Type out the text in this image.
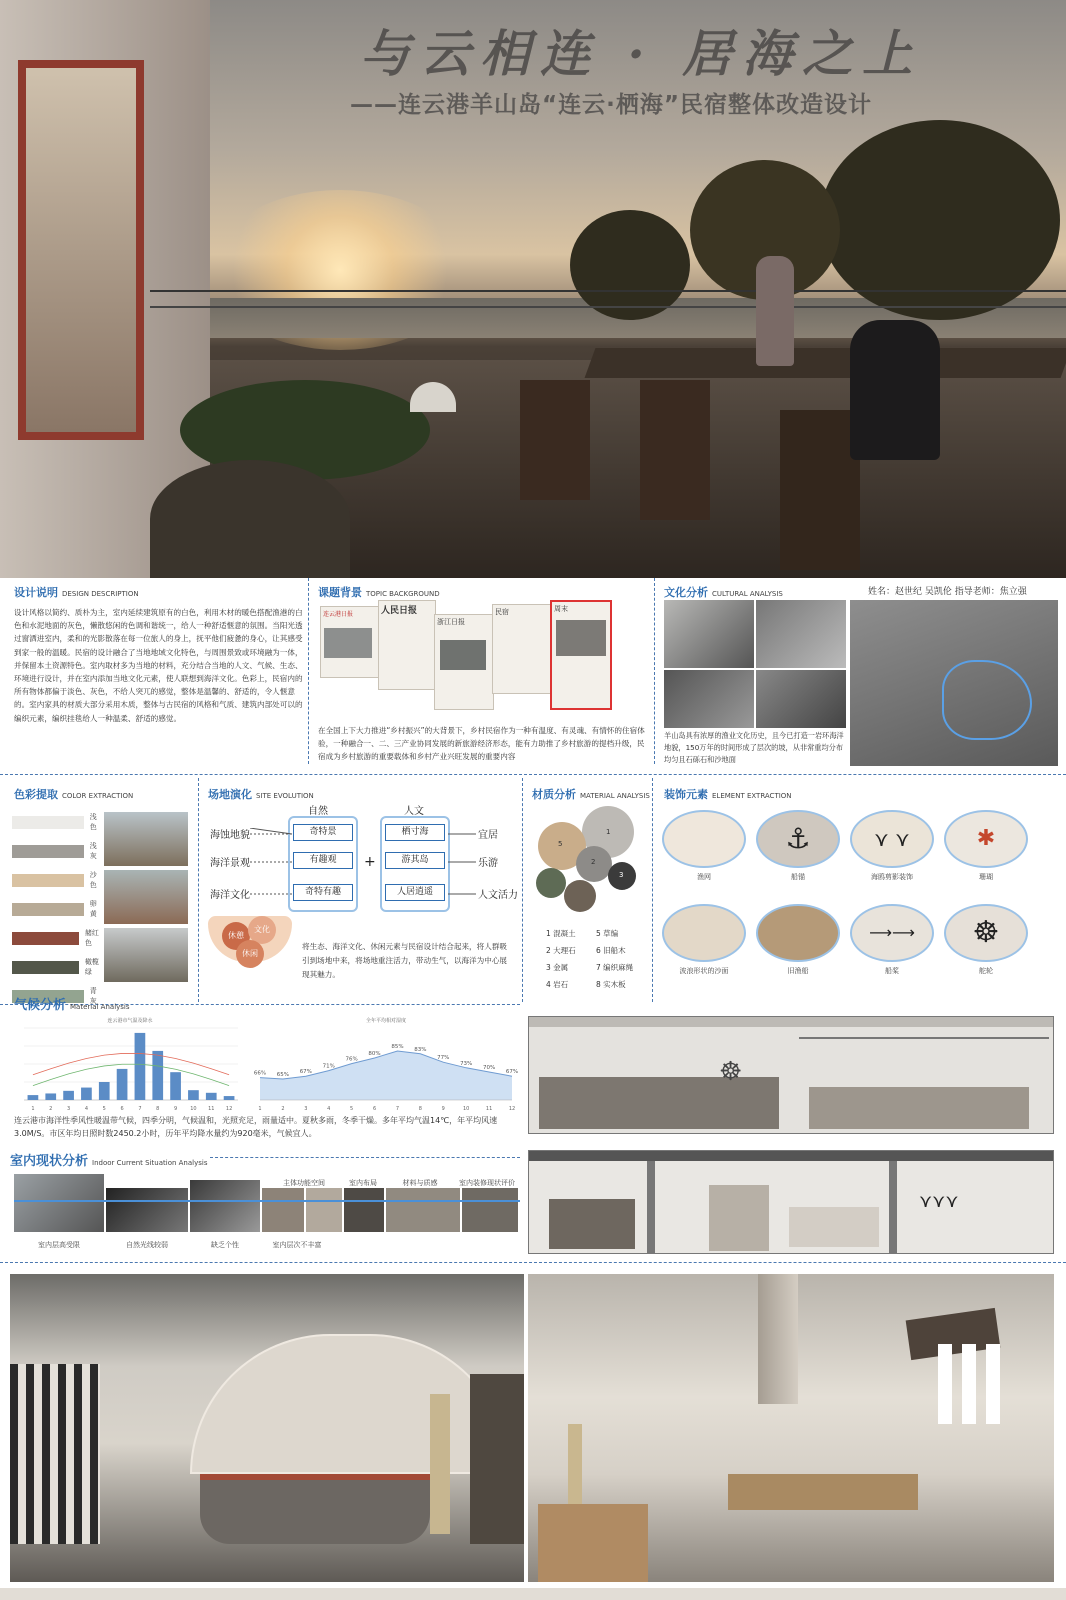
与云相连 · 居海之上
——连云港羊山岛“连云·栖海”民宿整体改造设计
设计说明 DESIGN DESCRIPTION

设计风格以简约、质朴为主，室内延续建筑原有的白色，利用木材的暖色搭配渔港的白色和水泥地面的灰色，懒散悠闲的色调和谐统一，给人一种舒适惬意的氛围。当阳光透过窗洒进室内，柔和的光影散落在每一位旅人的身上，抚平他们疲惫的身心，让其感受到家一般的温暖。民宿的设计融合了当地地域文化特色，与周围景致或环境融为一体，并保留本土资源特色。室内取材多为当地的材料，充分结合当地的人文、气候、生态、环境进行设计，并在室内添加当地文化元素，使人联想到海洋文化。色彩上，民宿内的所有物体都偏于淡色、灰色，不给人突兀的感觉，整体是温馨的、舒适的，令人惬意的。室内家具的材质大部分采用木质，整体与古民宿的风格和气质、建筑内部处可以的编织元素，编织挂毯给人一种温柔、舒适的感觉。

课题背景 TOPIC BACKGROUND
连云港日报	人民日报
浙江日报
民宿	周末

在全国上下大力推进“乡村振兴”的大背景下，乡村民宿作为一种有温度、有灵魂、有情怀的住宿体验，一种融合一、二、三产业协同发展的新旅游经济形态，能有力助推了乡村旅游的提档升级，民宿成为乡村旅游的重要载体和乡村产业兴旺发展的重要内容

文化分析 CULTURAL ANALYSIS	姓名：赵世纪 吴凯伦 指导老师：焦立强

羊山岛具有浓厚的渔业文化历史，且今已打造一岩环海洋地貌，150万年的时间形成了层次的坡，从非常重均分布均匀且石砾石和沙地面

色彩提取 COLOR EXTRACTION
浅色
浅灰
沙色
卵黄
赭红色
橄榄绿
青灰
场地演化 SITE EVOLUTION
自然	人文
奇特景
有趣观
奇特有趣
栖寸海
游其岛
人居逍遥
海蚀地貌
海洋景观
海洋文化
宜居
乐游
人文活力
+
休憩
文化
休闲

将生态、海洋文化、休闲元素与民宿设计结合起来，将人群吸引到场地中来，将场地重注活力，带动生气，以海洋为中心展现其魅力。

材质分析 MATERIAL ANALYSIS
1
5
2
3
1 混凝土	5 草编
2 大理石	6 旧船木
3 金属	7 编织麻绳
4 岩石	8 实木板
装饰元素 ELEMENT EXTRACTION
渔网
⚓
船锚
⋎ ⋎
海鸥剪影装饰
✱
珊瑚
波浪形状的沙面	旧渔船
⟶⟶
船桨
☸
舵轮
气候分析 Material Analysis
连云港市气温及降水
1	2	3	4	5	6	7	8	9	10 11 12
全年平均相对湿度
66%
1
65%
2
67%
3
71%
4
76%
5
80%
6
85%
7
83%
8
77%
9
73%
10
70%
11
67%
12

连云港市海洋性季风性暖温带气候，四季分明，气候温和，光照充足，雨量适中。夏秋多雨，冬季干燥。多年平均气温14℃，年平均风速3.0M/S。市区年均日照时数2450.2小时，历年平均降水量约为920毫米，气候宜人。

室内现状分析 Indoor Current Situation Analysis
主体功能空间	室内布局	材料与质感	室内装修现状评价
室内层高受限	自然光线较弱	缺乏个性	室内层次不丰富
☸
⋎⋎⋎
